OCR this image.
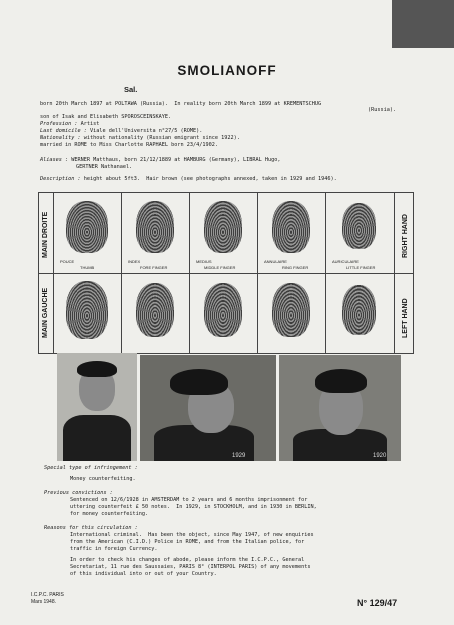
SMOLIANOFF
Sal.
born 20th March 1897 at POLTAWA (Russia).  In reality born 20th March 1899 at KREMENTSCHUG
(Russia).
son of Isak and Elisabeth SPOROSCEINSKAYE.
Profession : Artist
Last domicile : Viale dell'Universita n°27/5 (ROME).
Nationality : without nationality (Russian emigrant since 1922).
married in ROME to Miss Charlotte RAPHAEL born 23/4/1902.
Aliases : WERNER Matthaus, born 21/12/1889 at HAMBURG (Germany), LIBRAL Hugo,
GERTNER Nathanael.
Description : height about 5ft3.  Hair brown (see photographs annexed, taken in 1929 and 1946).
MAIN DROITE
MAIN GAUCHE
RIGHT HAND
LEFT HAND
POUCE
THUMB
INDEX
FORE FINGER
MEDIUS
MIDDLE FINGER
ANNULAIRE
RING FINGER
AURICULAIRE
LITTLE FINGER
1929	1920
Special type of infringement :
Money counterfeiting.
Previous convictions :
Sentenced on 12/6/1928 in AMSTERDAM to 2 years and 6 months imprisonment for
uttering counterfeit £ 50 notes.  In 1929, in STOCKHOLM, and in 1930 in BERLIN,
for money counterfeiting.
Reasons for this circulation :
International criminal.  Has been the object, since May 1947, of new enquiries
from the American (C.I.D.) Police in ROME, and from the Italian police, for
traffic in foreign Currency.
In order to check his changes of abode, please inform the I.C.P.C., General
Secretariat, 11 rue des Saussaies, PARIS 8° (INTERPOL PARIS) of any movements
of this individual into or out of your Country.
I.C.P.C. PARIS
Mars 1948.	N° 129/47
